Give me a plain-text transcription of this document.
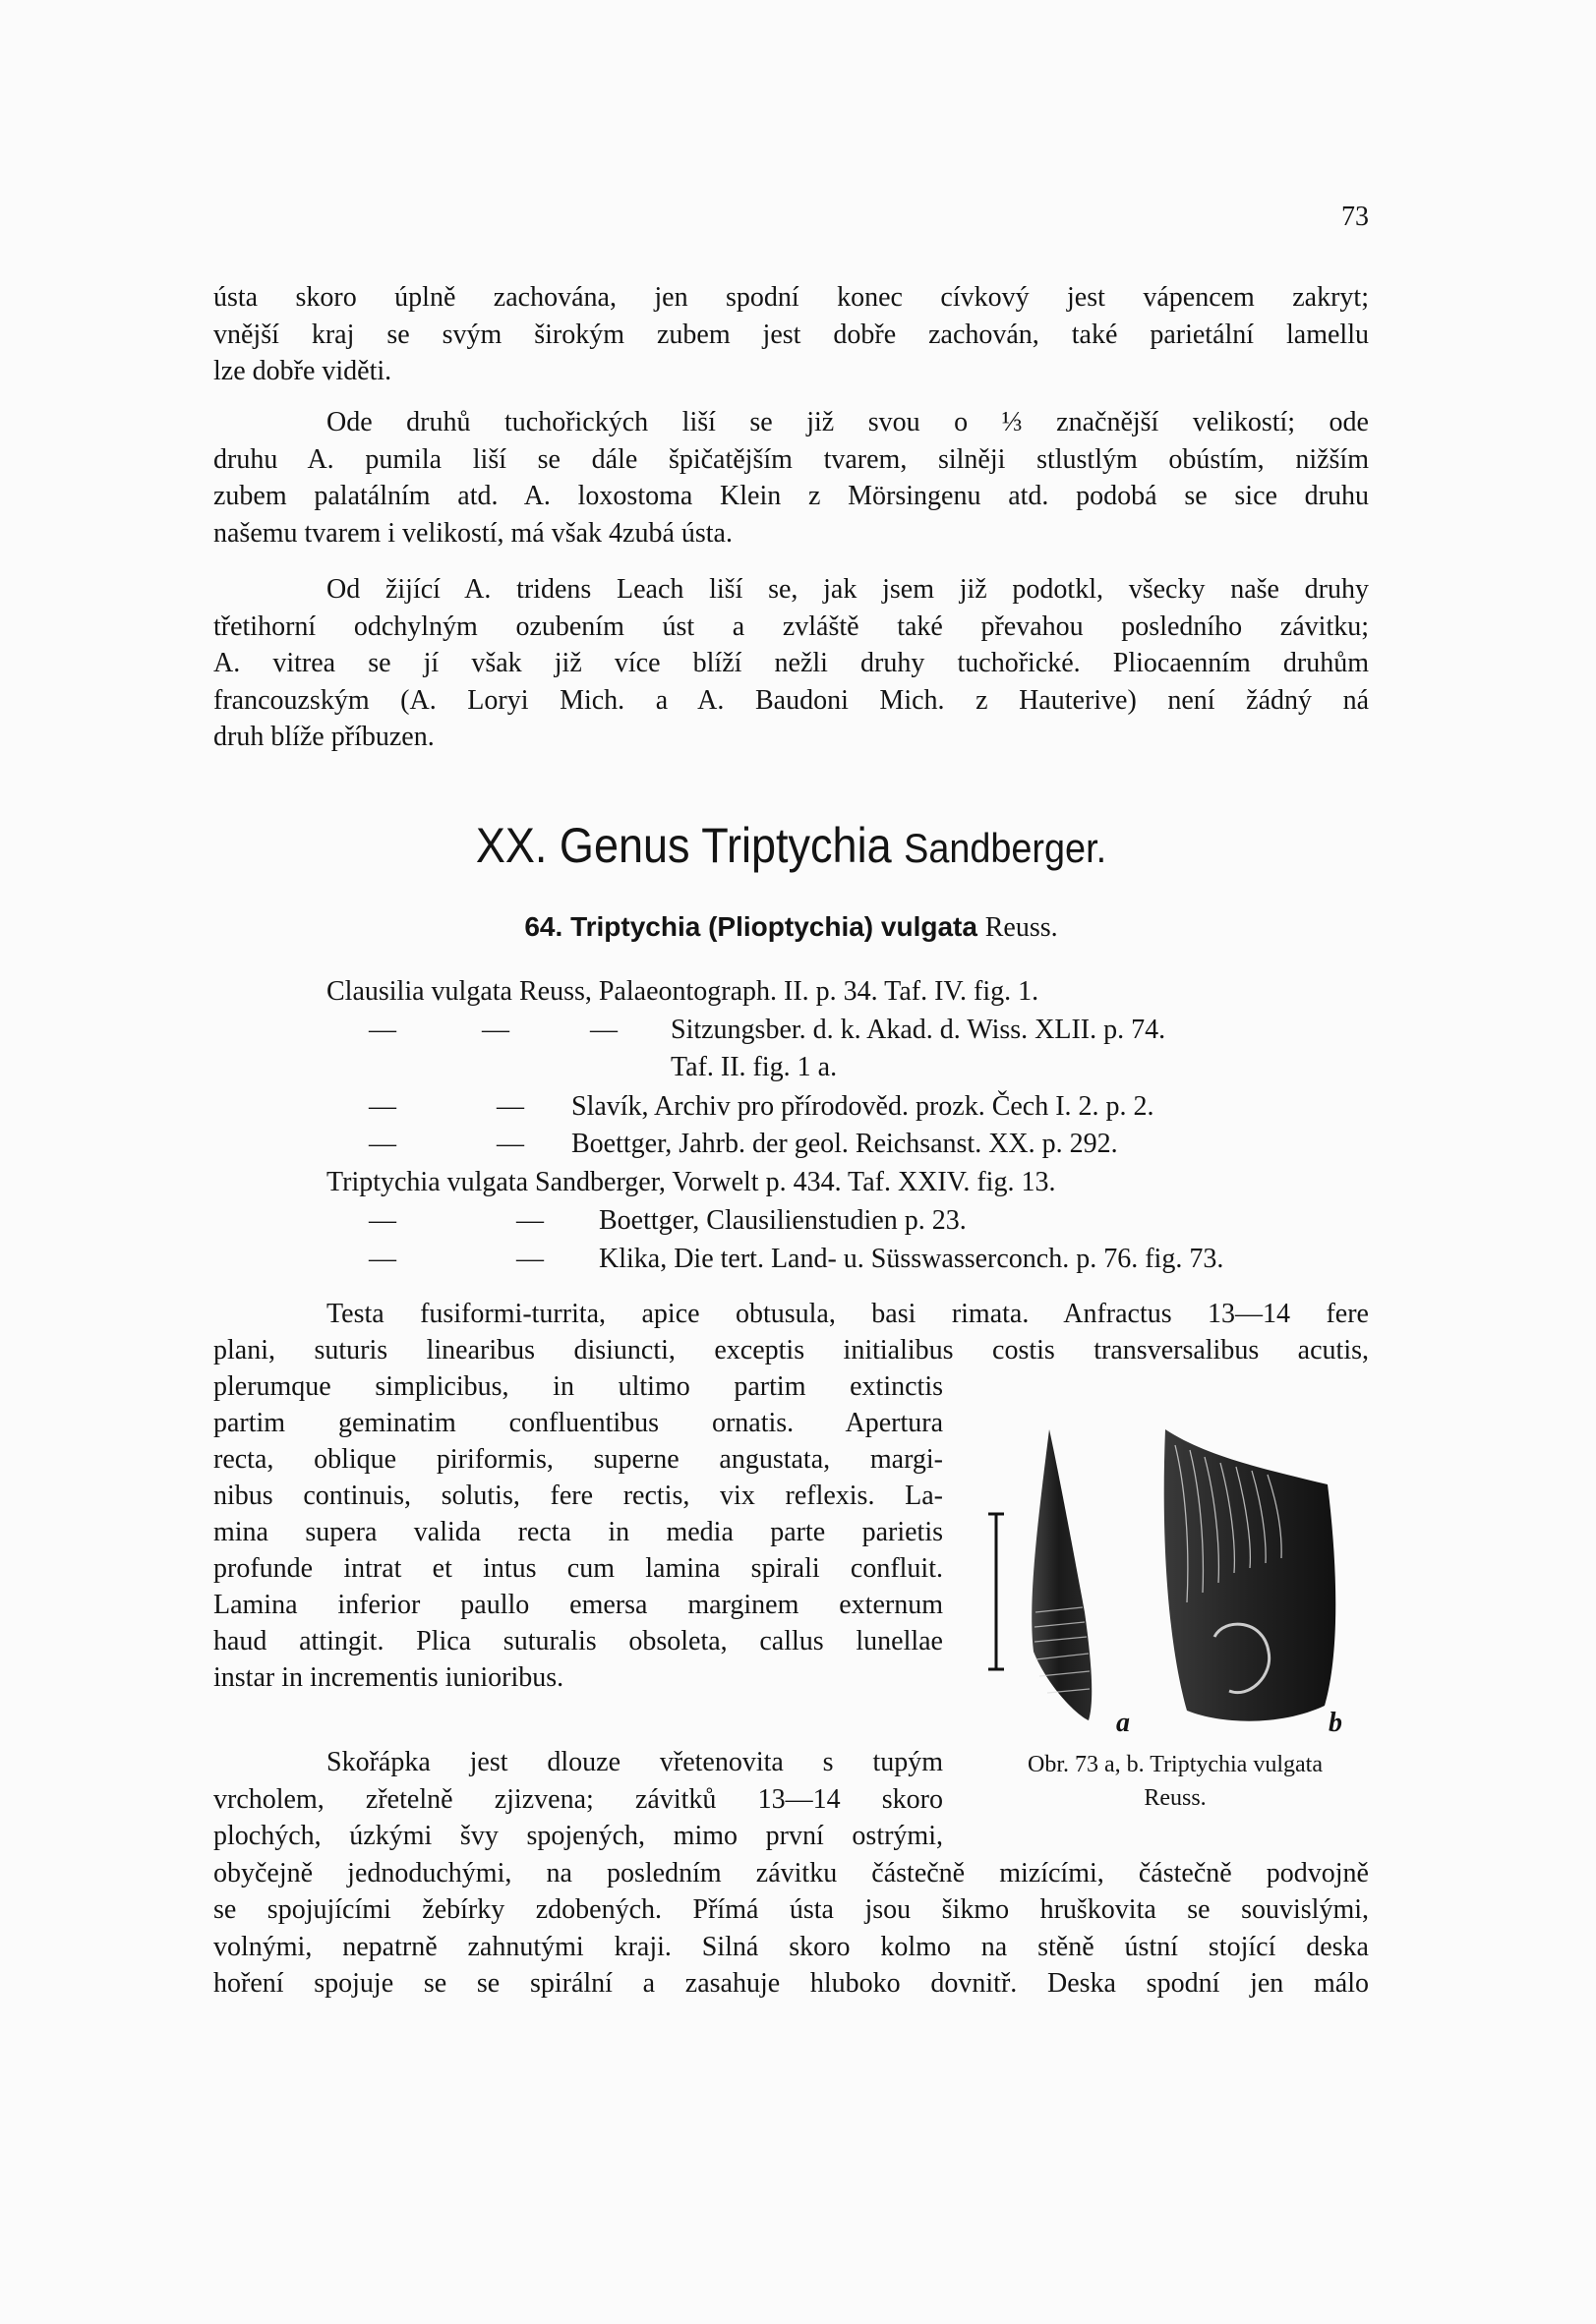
73
ústa skoro úplně zachována, jen spodní konec cívkový jest vápencem zakryt;
vnější kraj se svým širokým zubem jest dobře zachován, také parietální lamellu
lze dobře viděti.
Ode druhů tuchořických liší se již svou o ⅓ značnější velikostí; ode
druhu A. pumila liší se dále špičatějším tvarem, silněji stlustlým obústím, nižším
zubem palatálním atd. A. loxostoma Klein z Mörsingenu atd. podobá se sice druhu
našemu tvarem i velikostí, má však 4zubá ústa.
Od žijící A. tridens Leach liší se, jak jsem již podotkl, všecky naše druhy
třetihorní odchylným ozubením úst a zvláště také převahou posledního závitku;
A. vitrea se jí však již více blíží nežli druhy tuchořické. Pliocaenním druhům
francouzským (A. Loryi Mich. a A. Baudoni Mich. z Hauterive) není žádný ná
druh blíže příbuzen.
XX. Genus Triptychia Sandberger.
64. Triptychia (Plioptychia) vulgata Reuss.
Clausilia vulgata Reuss, Palaeontograph. II. p. 34. Taf. IV. fig. 1.
—	—	— Sitzungsber. d. k. Akad. d. Wiss. XLII. p. 74.
Taf. II. fig. 1 a.
—	— Slavík, Archiv pro přírodověd. prozk. Čech I. 2. p. 2.
—	— Boettger, Jahrb. der geol. Reichsanst. XX. p. 292.
Triptychia vulgata Sandberger, Vorwelt p. 434. Taf. XXIV. fig. 13.
—	— Boettger, Clausilienstudien p. 23.
—	— Klika, Die tert. Land- u. Süsswasserconch. p. 76. fig. 73.
Testa fusiformi-turrita, apice obtusula, basi rimata. Anfractus 13—14 fere
plani, suturis linearibus disiuncti, exceptis initialibus costis transversalibus acutis,
plerumque simplicibus, in ultimo partim extinctis
partim geminatim confluentibus ornatis. Apertura
recta, oblique piriformis, superne angustata, margi-
nibus continuis, solutis, fere rectis, vix reflexis. La-
mina supera valida recta in media parte parietis
profunde intrat et intus cum lamina spirali confluit.
Lamina inferior paullo emersa marginem externum
haud attingit. Plica suturalis obsoleta, callus lunellae
instar in incrementis iunioribus.
Skořápka jest dlouze vřetenovita s tupým
vrcholem, zřetelně zjizvena; závitků 13—14 skoro
plochých, úzkými švy spojených, mimo první ostrými,
obyčejně jednoduchými, na posledním závitku částečně mizícími, částečně podvojně
se spojujícími žebírky zdobených. Přímá ústa jsou šikmo hruškovita se souvislými,
volnými, nepatrně zahnutými kraji. Silná skoro kolmo na stěně ústní stojící deska
hoření spojuje se se spirální a zasahuje hluboko dovnitř. Deska spodní jen málo
a	b
Obr. 73 a, b. Triptychia vulgata
Reuss.
